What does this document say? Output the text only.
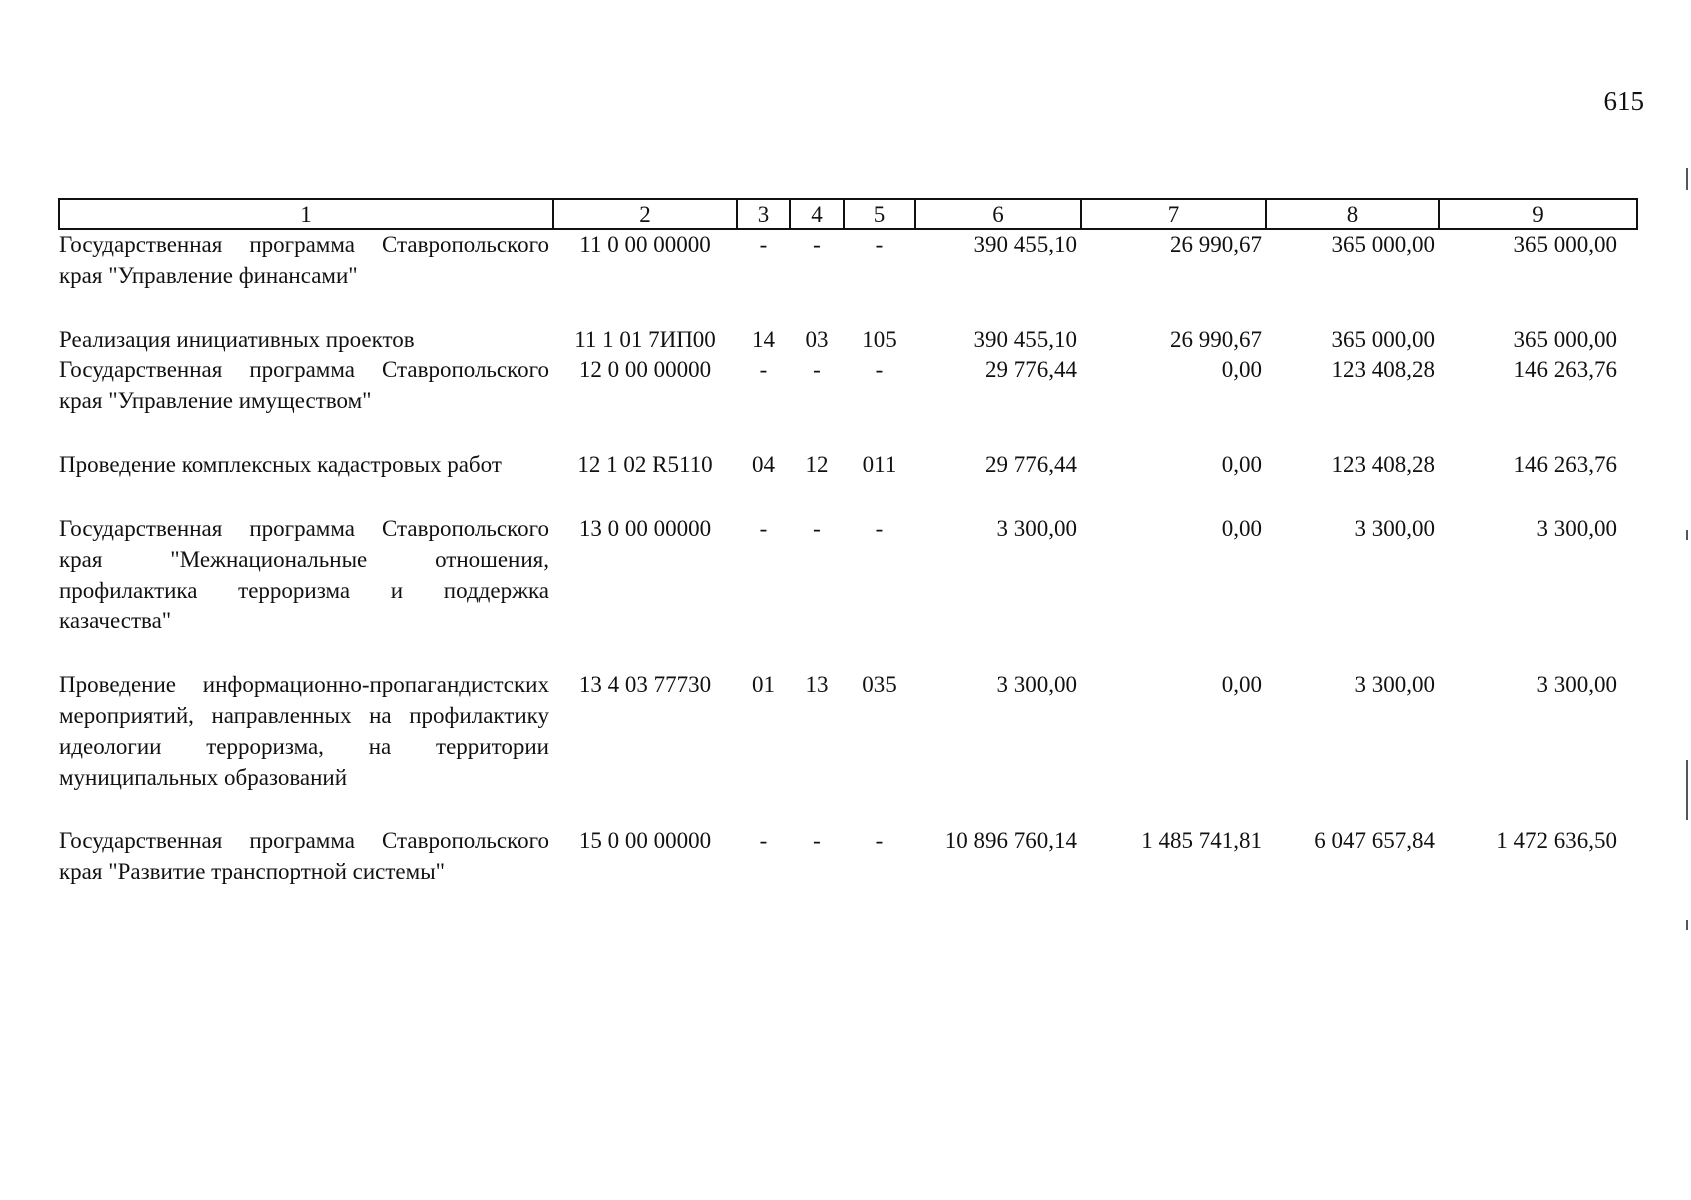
615
1	2	3	4	5	6	7	8	9
Государственная программа Ставропольского края "Управление финансами"	11 0 00 00000	-	-	-	390 455,10	26 990,67	365 000,00	365 000,00
Реализация инициативных проектов	11 1 01 7ИП00	14	03	105	390 455,10	26 990,67	365 000,00	365 000,00
Государственная программа Ставропольского края "Управление имуществом"	12 0 00 00000	-	-	-	29 776,44	0,00	123 408,28	146 263,76
Проведение комплексных кадастровых работ	12 1 02 R5110	04	12	011	29 776,44	0,00	123 408,28	146 263,76
Государственная программа Ставропольского края "Межнациональные отношения, профилактика терроризма и поддержка казачества"	13 0 00 00000	-	-	-	3 300,00	0,00	3 300,00	3 300,00
Проведение информационно-пропагандистских мероприятий, направленных на профилактику идеологии терроризма, на территории муниципальных образований	13 4 03 77730	01	13	035	3 300,00	0,00	3 300,00	3 300,00
Государственная программа Ставропольского края "Развитие транспортной системы"	15 0 00 00000	-	-	-	10 896 760,14	1 485 741,81	6 047 657,84	1 472 636,50
